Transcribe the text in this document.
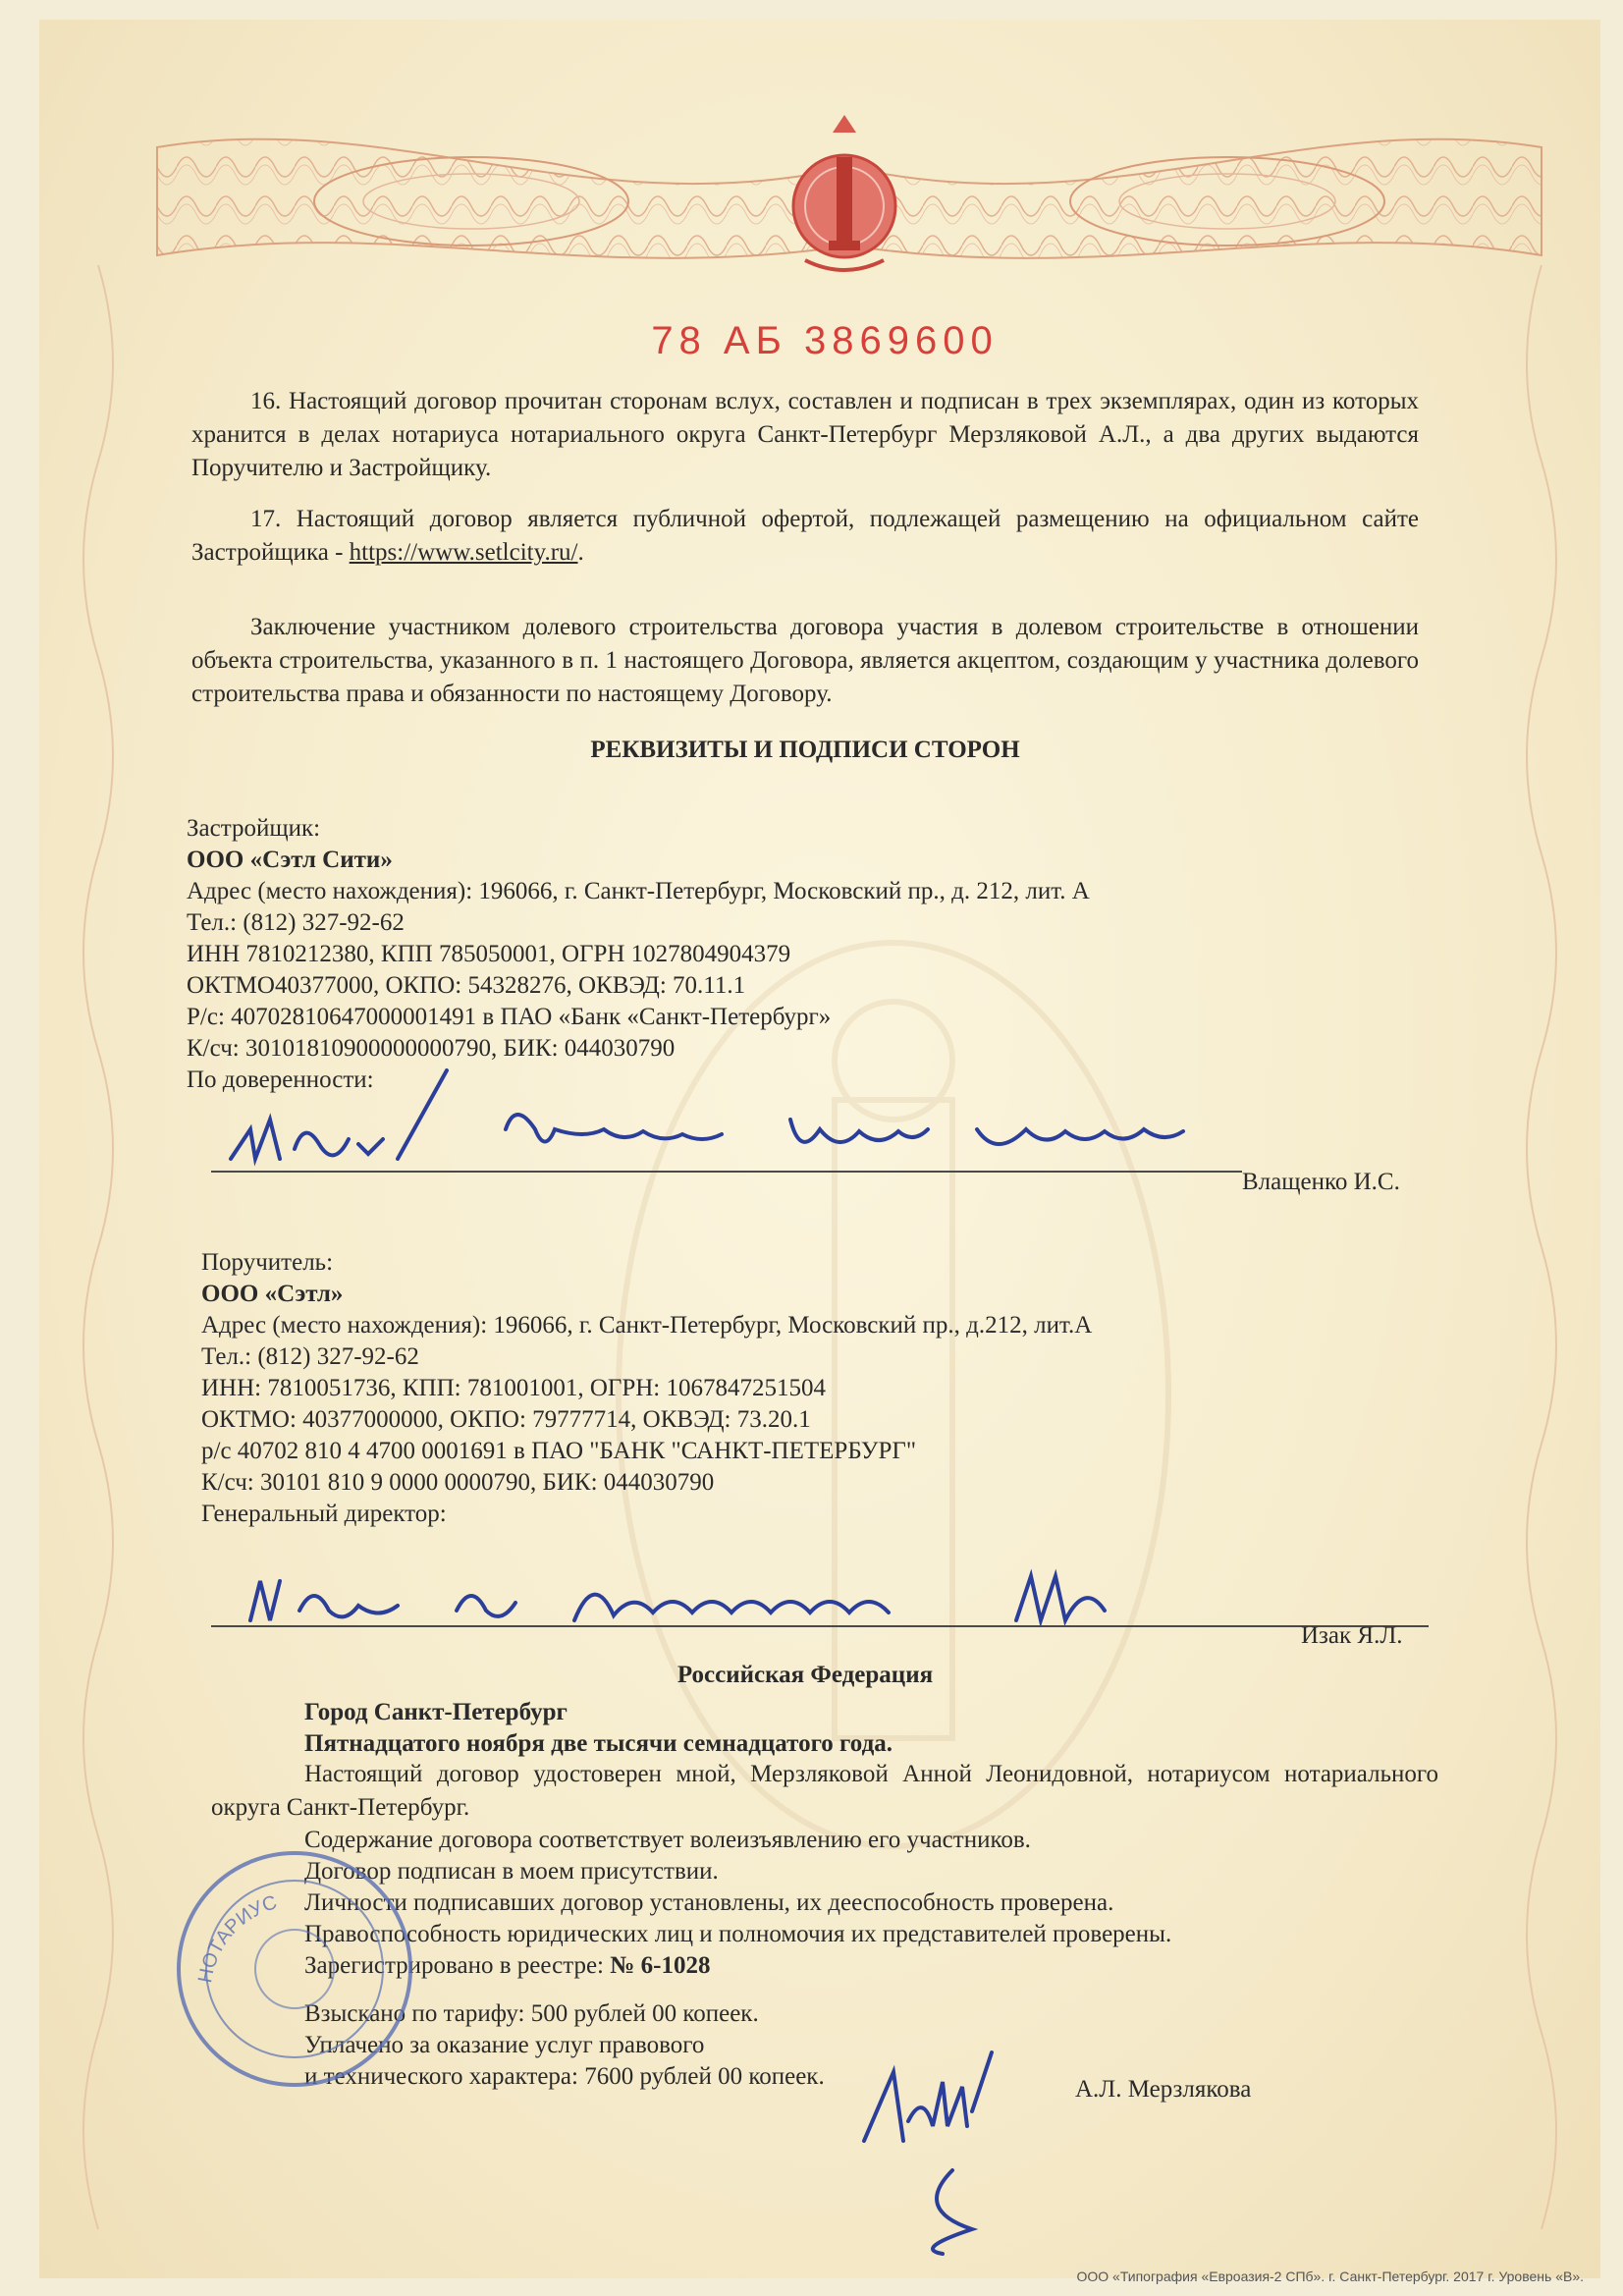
78 АБ 3869600
16. Настоящий договор прочитан сторонам вслух, составлен и подписан в трех экземплярах, один из которых хранится в делах нотариуса нотариального округа Санкт-Петербург Мерзляковой А.Л., а два других выдаются Поручителю и Застройщику.
17. Настоящий договор является публичной офертой, подлежащей размещению на официальном сайте Застройщика - https://www.setlcity.ru/.
Заключение участником долевого строительства договора участия в долевом строительстве в отношении объекта строительства, указанного в п. 1 настоящего Договора, является акцептом, создающим у участника долевого строительства права и обязанности по настоящему Договору.
РЕКВИЗИТЫ И ПОДПИСИ СТОРОН
Застройщик:
ООО «Сэтл Сити»
Адрес (место нахождения): 196066, г. Санкт-Петербург, Московский пр., д. 212, лит. А
Тел.: (812) 327-92-62
ИНН 7810212380, КПП 785050001, ОГРН 1027804904379
ОКТМО40377000, ОКПО: 54328276, ОКВЭД: 70.11.1
Р/с: 40702810647000001491 в ПАО «Банк «Санкт-Петербург»
К/сч: 30101810900000000790, БИК: 044030790
По доверенности:
Влащенко И.С.
Поручитель:
ООО «Сэтл»
Адрес (место нахождения): 196066, г. Санкт-Петербург, Московский пр., д.212, лит.А
Тел.: (812) 327-92-62
ИНН: 7810051736, КПП: 781001001, ОГРН: 1067847251504
ОКТМО: 40377000000, ОКПО: 79777714, ОКВЭД: 73.20.1
р/с 40702 810 4 4700 0001691 в ПАО "БАНК "САНКТ-ПЕТЕРБУРГ"
К/сч: 30101 810 9 0000 0000790, БИК: 044030790
Генеральный директор:
Изак Я.Л.
Российская Федерация
Город Санкт-Петербург
Пятнадцатого ноября две тысячи семнадцатого года.
Настоящий договор удостоверен мной, Мерзляковой Анной Леонидовной, нотариусом нотариального округа Санкт-Петербург.
Содержание договора соответствует волеизъявлению его участников.
Договор подписан в моем присутствии.
Личности подписавших договор установлены, их дееспособность проверена.
Правоспособность юридических лиц и полномочия их представителей проверены.
Зарегистрировано в реестре: № 6-1028
Взыскано по тарифу: 500 рублей 00 копеек.
Уплачено за оказание услуг правового
и технического характера: 7600 рублей 00 копеек.	А.Л. Мерзлякова
НОТАРИУС
ООО «Типография «Евроазия-2 СПб». г. Санкт-Петербург. 2017 г. Уровень «В».
